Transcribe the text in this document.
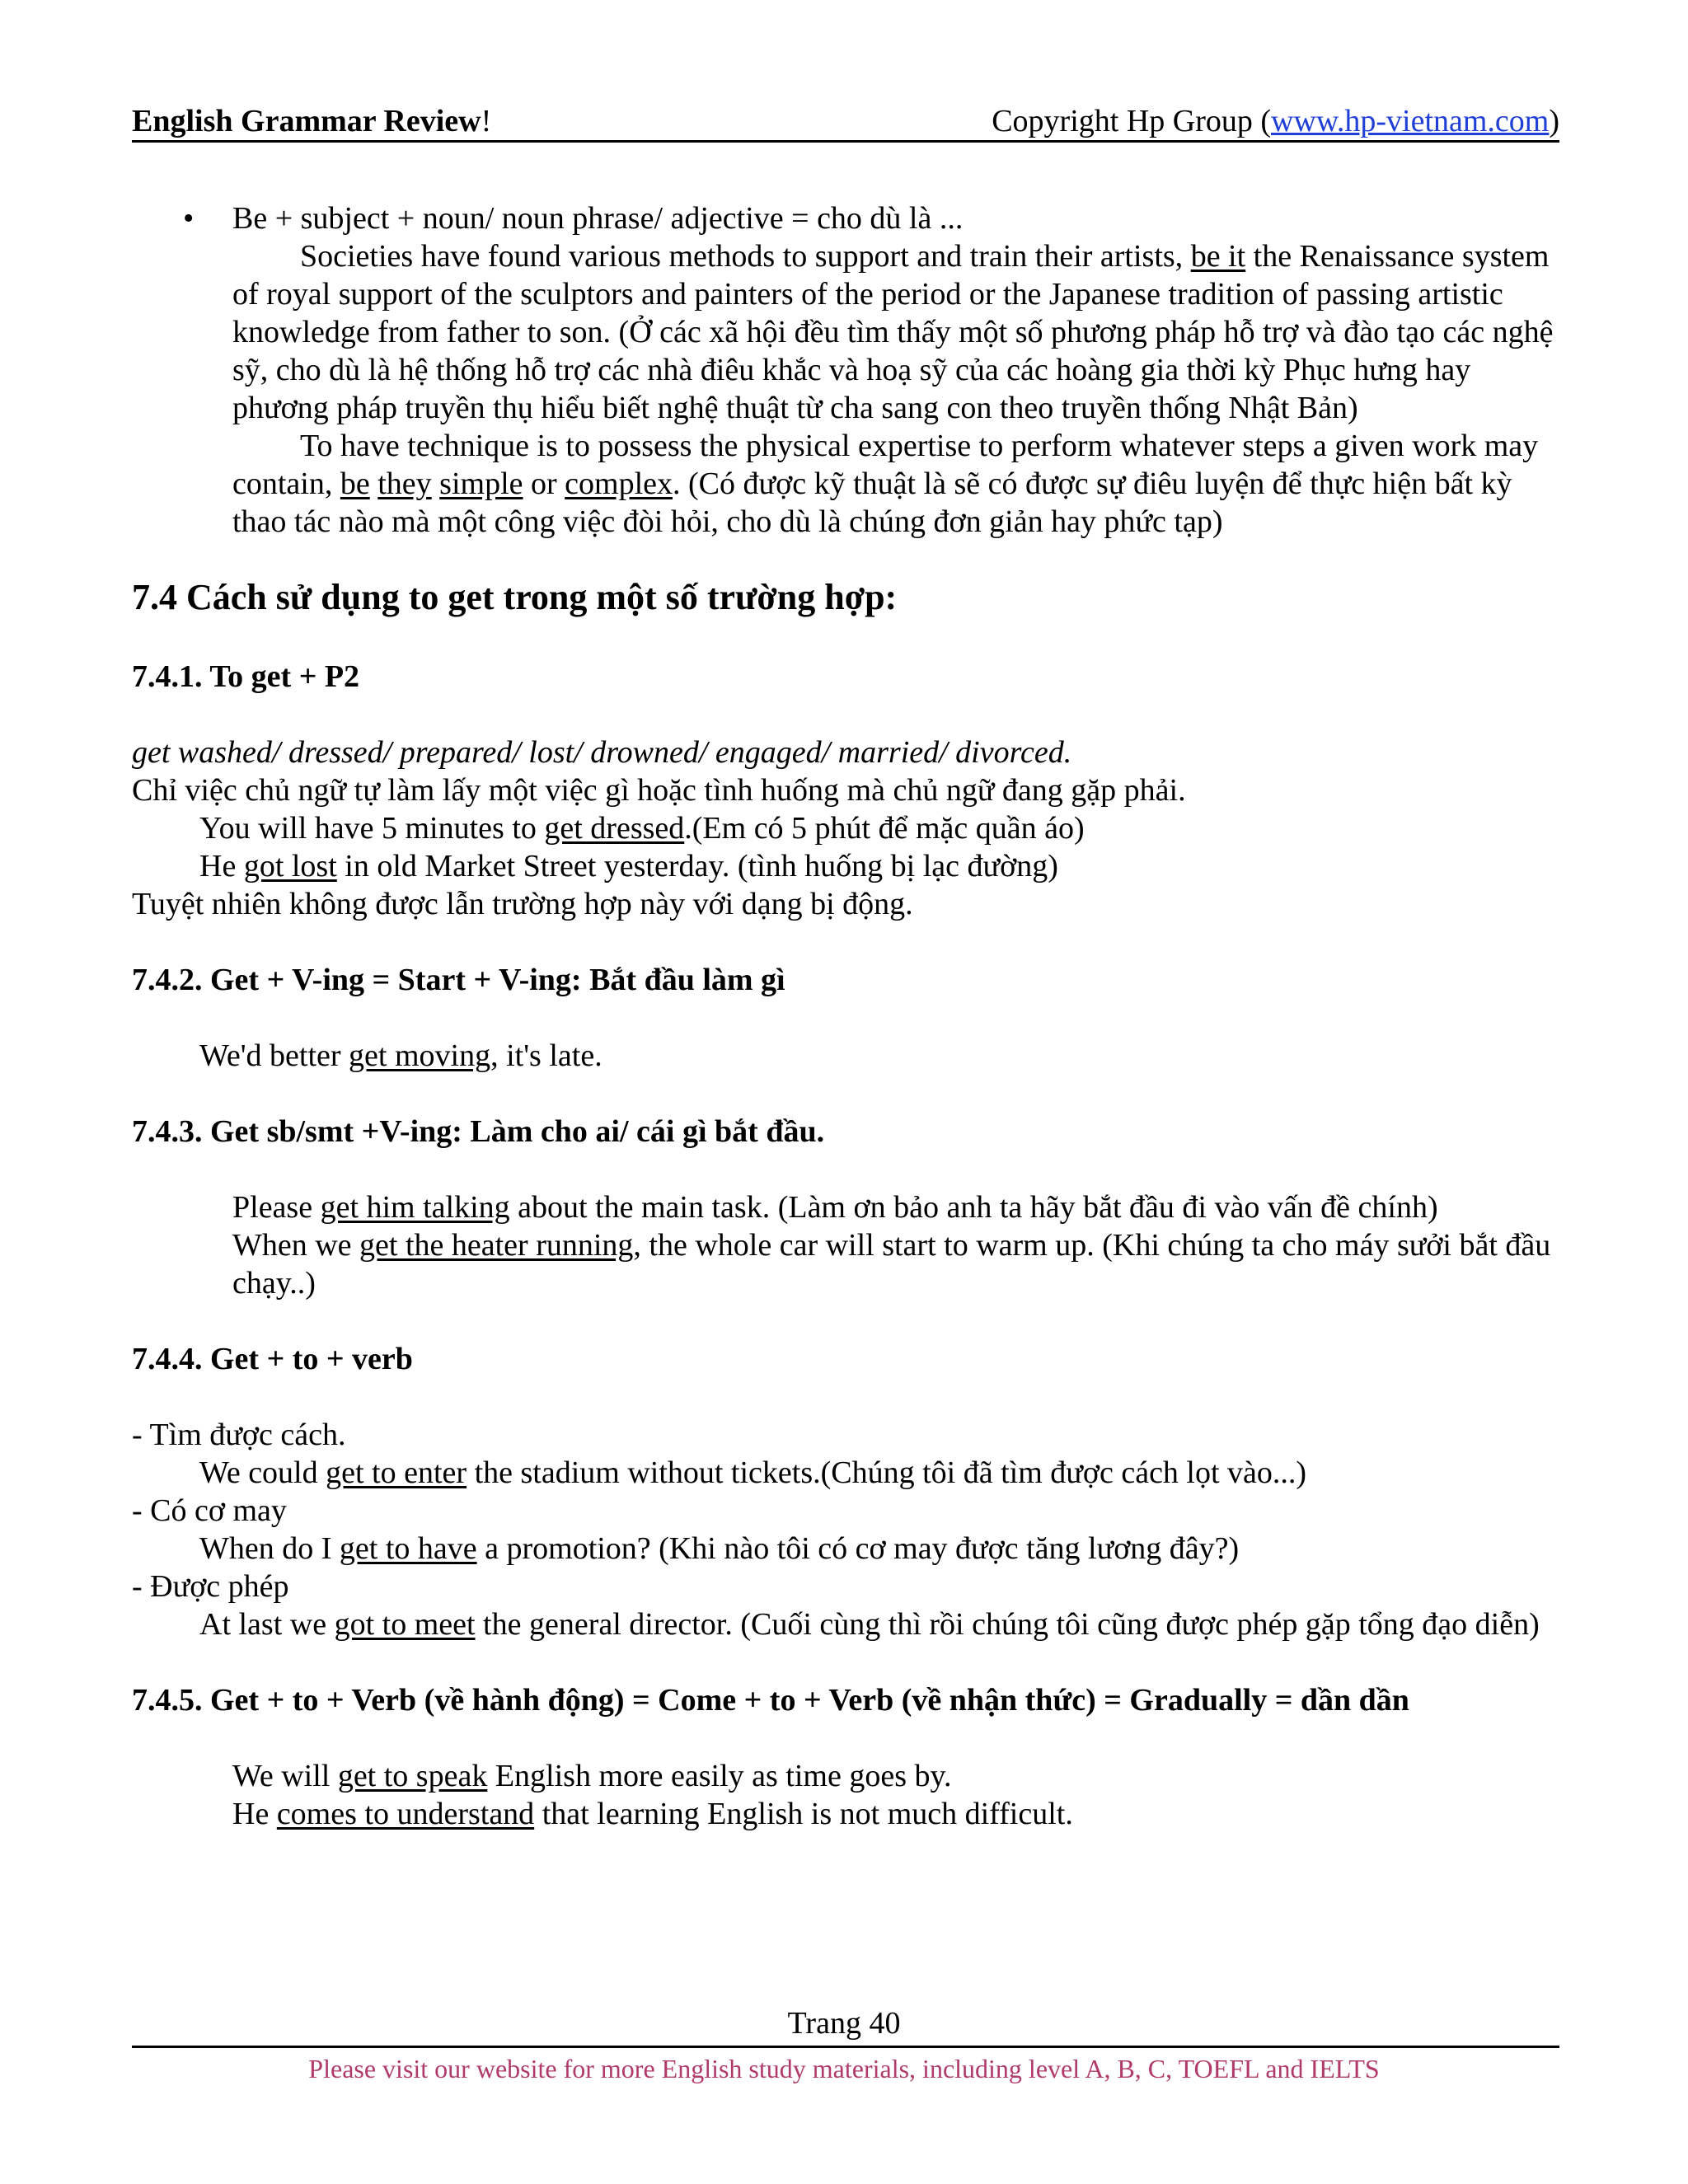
English Grammar Review!	Copyright Hp Group (www.hp-vietnam.com)
• Be + subject + noun/ noun phrase/ adjective = cho dù là ...

Societies have found various methods to support and train their artists, be it the Renaissance system of royal support of the sculptors and painters of the period or the Japanese tradition of passing artistic knowledge from father to son. (Ở các xã hội đều tìm thấy một số phương pháp hỗ trợ và đào tạo các nghệ sỹ, cho dù là hệ thống hỗ trợ các nhà điêu khắc và hoạ sỹ của các hoàng gia thời kỳ Phục hưng hay phương pháp truyền thụ hiểu biết nghệ thuật từ cha sang con theo truyền thống Nhật Bản)

To have technique is to possess the physical expertise to perform whatever steps a given work may contain, be they simple or complex. (Có được kỹ thuật là sẽ có được sự điêu luyện để thực hiện bất kỳ thao tác nào mà một công việc đòi hỏi, cho dù là chúng đơn giản hay phức tạp)

7.4 Cách sử dụng to get trong một số trường hợp:
7.4.1. To get + P2

get washed/ dressed/ prepared/ lost/ drowned/ engaged/ married/ divorced.

Chỉ việc chủ ngữ tự làm lấy một việc gì hoặc tình huống mà chủ ngữ đang gặp phải.

You will have 5 minutes to get dressed.(Em có 5 phút để mặc quần áo)

He got lost in old Market Street yesterday. (tình huống bị lạc đường)

Tuyệt nhiên không được lẫn trường hợp này với dạng bị động.

7.4.2. Get + V-ing = Start + V-ing: Bắt đầu làm gì

We'd better get moving, it's late.

7.4.3. Get sb/smt +V-ing: Làm cho ai/ cái gì bắt đầu.

Please get him talking about the main task. (Làm ơn bảo anh ta hãy bắt đầu đi vào vấn đề chính)

When we get the heater running, the whole car will start to warm up. (Khi chúng ta cho máy sưởi bắt đầu chạy..)

7.4.4. Get + to + verb

- Tìm được cách.

We could get to enter the stadium without tickets.(Chúng tôi đã tìm được cách lọt vào...)

- Có cơ may

When do I get to have a promotion? (Khi nào tôi có cơ may được tăng lương đây?)

- Được phép

At last we got to meet the general director. (Cuối cùng thì rồi chúng tôi cũng được phép gặp tổng đạo diễn)

7.4.5. Get + to + Verb (về hành động) = Come + to + Verb (về nhận thức) = Gradually = dần dần

We will get to speak English more easily as time goes by.

He comes to understand that learning English is not much difficult.

Trang 40
Please visit our website for more English study materials, including level A, B, C, TOEFL and IELTS
